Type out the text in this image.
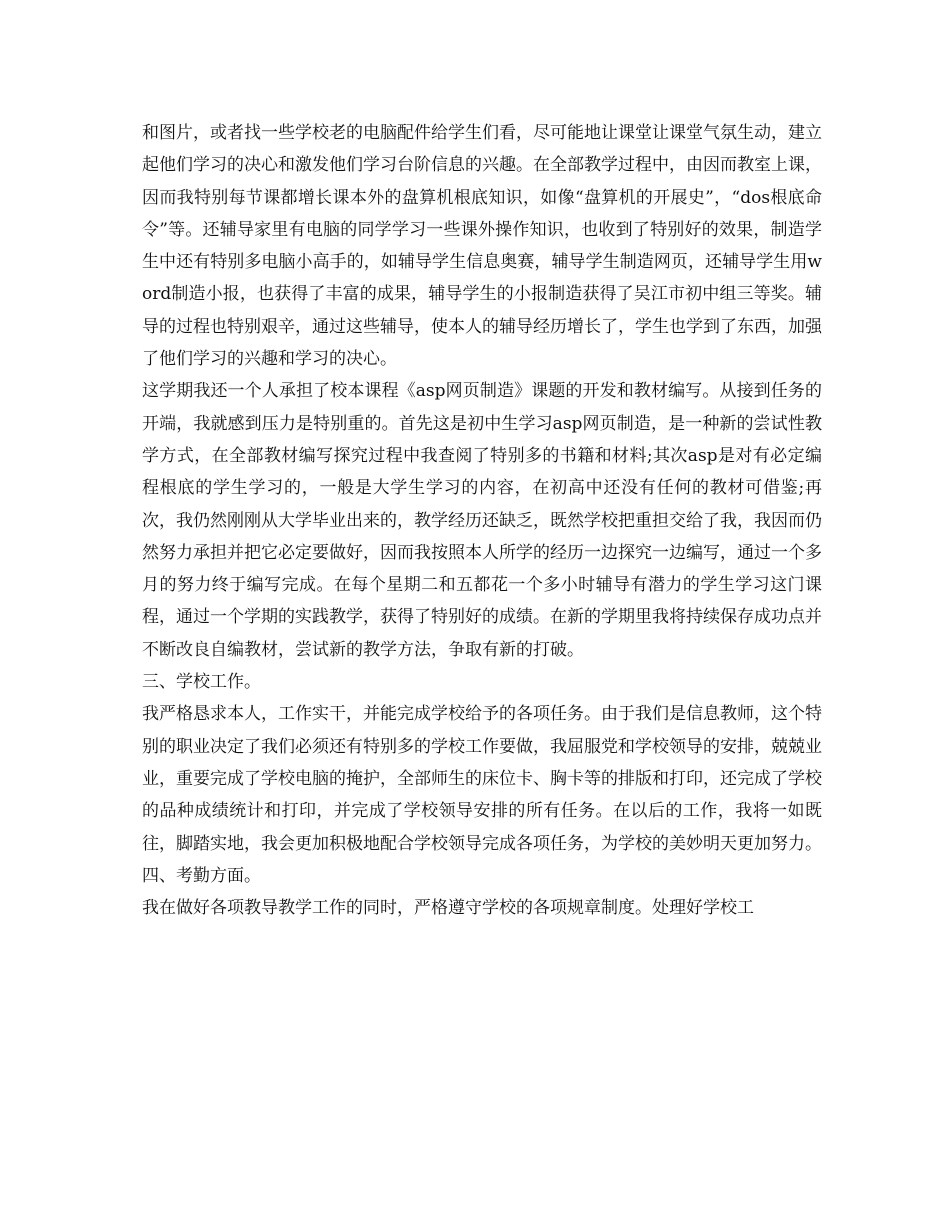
和图片，或者找一些学校老的电脑配件给学生们看，尽可能地让课堂让课堂气氛生动，建立起他们学习的决心和激发他们学习台阶信息的兴趣。在全部教学过程中，由因而教室上课，因而我特别每节课都增长课本外的盘算机根底知识，如像“盘算机的开展史”，“dos根底命令”等。还辅导家里有电脑的同学学习一些课外操作知识，也收到了特别好的效果，制造学生中还有特别多电脑小高手的，如辅导学生信息奥赛，辅导学生制造网页，还辅导学生用word制造小报，也获得了丰富的成果，辅导学生的小报制造获得了吴江市初中组三等奖。辅导的过程也特别艰辛，通过这些辅导，使本人的辅导经历增长了，学生也学到了东西，加强了他们学习的兴趣和学习的决心。

这学期我还一个人承担了校本课程《asp网页制造》课题的开发和教材编写。从接到任务的开端，我就感到压力是特别重的。首先这是初中生学习asp网页制造，是一种新的尝试性教学方式，在全部教材编写探究过程中我查阅了特别多的书籍和材料;其次asp是对有必定编程根底的学生学习的，一般是大学生学习的内容，在初高中还没有任何的教材可借鉴;再次，我仍然刚刚从大学毕业出来的，教学经历还缺乏，既然学校把重担交给了我，我因而仍然努力承担并把它必定要做好，因而我按照本人所学的经历一边探究一边编写，通过一个多月的努力终于编写完成。在每个星期二和五都花一个多小时辅导有潜力的学生学习这门课程，通过一个学期的实践教学，获得了特别好的成绩。在新的学期里我将持续保存成功点并不断改良自编教材，尝试新的教学方法，争取有新的打破。

三、学校工作。

我严格恳求本人，工作实干，并能完成学校给予的各项任务。由于我们是信息教师，这个特别的职业决定了我们必须还有特别多的学校工作要做，我屈服党和学校领导的安排，兢兢业业，重要完成了学校电脑的掩护，全部师生的床位卡、胸卡等的排版和打印，还完成了学校的品种成绩统计和打印，并完成了学校领导安排的所有任务。在以后的工作，我将一如既往，脚踏实地，我会更加积极地配合学校领导完成各项任务，为学校的美妙明天更加努力。

四、考勤方面。

我在做好各项教导教学工作的同时，严格遵守学校的各项规章制度。处理好学校工
